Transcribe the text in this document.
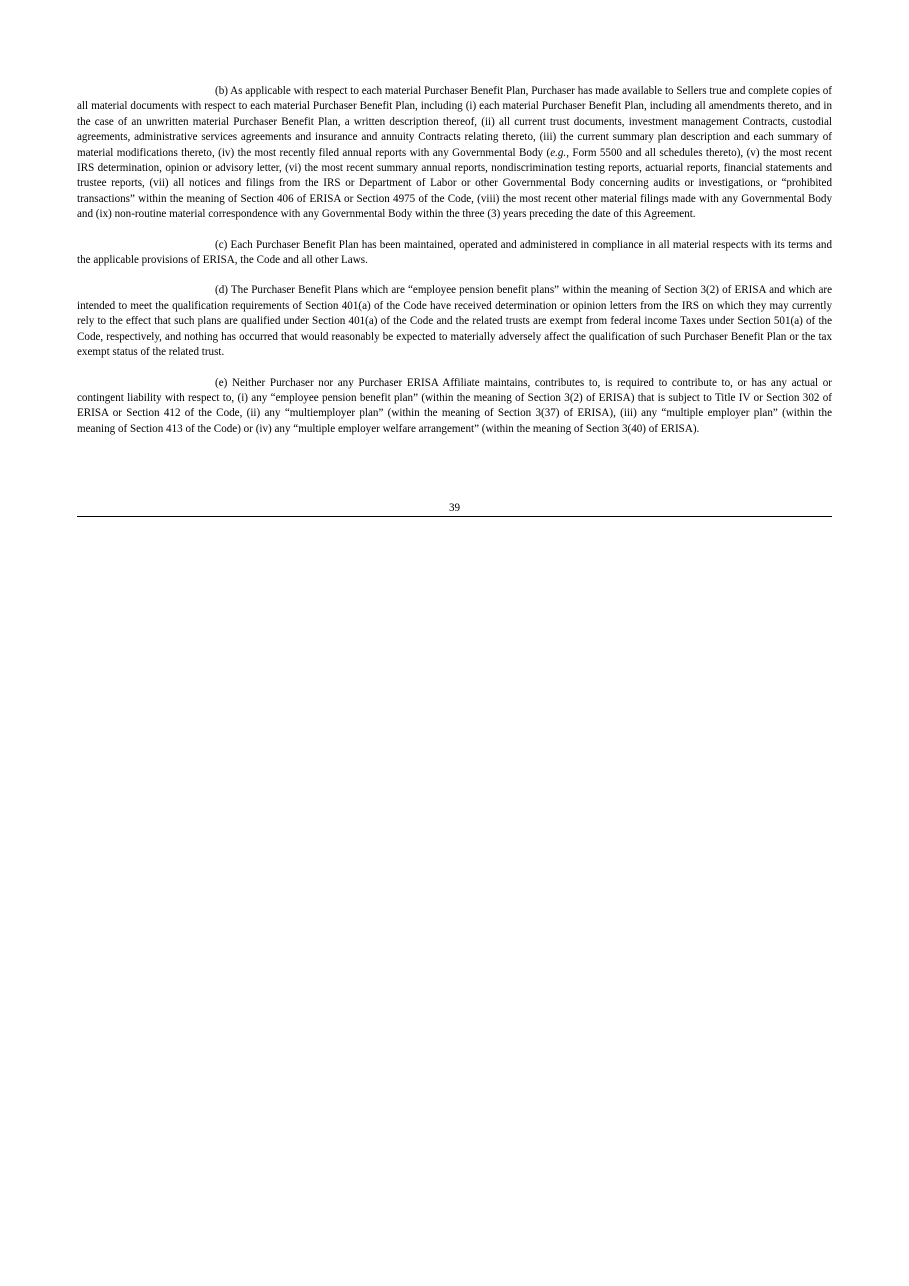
(b) As applicable with respect to each material Purchaser Benefit Plan, Purchaser has made available to Sellers true and complete copies of all material documents with respect to each material Purchaser Benefit Plan, including (i) each material Purchaser Benefit Plan, including all amendments thereto, and in the case of an unwritten material Purchaser Benefit Plan, a written description thereof, (ii) all current trust documents, investment management Contracts, custodial agreements, administrative services agreements and insurance and annuity Contracts relating thereto, (iii) the current summary plan description and each summary of material modifications thereto, (iv) the most recently filed annual reports with any Governmental Body (e.g., Form 5500 and all schedules thereto), (v) the most recent IRS determination, opinion or advisory letter, (vi) the most recent summary annual reports, nondiscrimination testing reports, actuarial reports, financial statements and trustee reports, (vii) all notices and filings from the IRS or Department of Labor or other Governmental Body concerning audits or investigations, or “prohibited transactions” within the meaning of Section 406 of ERISA or Section 4975 of the Code, (viii) the most recent other material filings made with any Governmental Body and (ix) non-routine material correspondence with any Governmental Body within the three (3) years preceding the date of this Agreement.

(c) Each Purchaser Benefit Plan has been maintained, operated and administered in compliance in all material respects with its terms and the applicable provisions of ERISA, the Code and all other Laws.

(d) The Purchaser Benefit Plans which are “employee pension benefit plans” within the meaning of Section 3(2) of ERISA and which are intended to meet the qualification requirements of Section 401(a) of the Code have received determination or opinion letters from the IRS on which they may currently rely to the effect that such plans are qualified under Section 401(a) of the Code and the related trusts are exempt from federal income Taxes under Section 501(a) of the Code, respectively, and nothing has occurred that would reasonably be expected to materially adversely affect the qualification of such Purchaser Benefit Plan or the tax exempt status of the related trust.

(e) Neither Purchaser nor any Purchaser ERISA Affiliate maintains, contributes to, is required to contribute to, or has any actual or contingent liability with respect to, (i) any “employee pension benefit plan” (within the meaning of Section 3(2) of ERISA) that is subject to Title IV or Section 302 of ERISA or Section 412 of the Code, (ii) any “multiemployer plan” (within the meaning of Section 3(37) of ERISA), (iii) any “multiple employer plan” (within the meaning of Section 413 of the Code) or (iv) any “multiple employer welfare arrangement” (within the meaning of Section 3(40) of ERISA).

39
